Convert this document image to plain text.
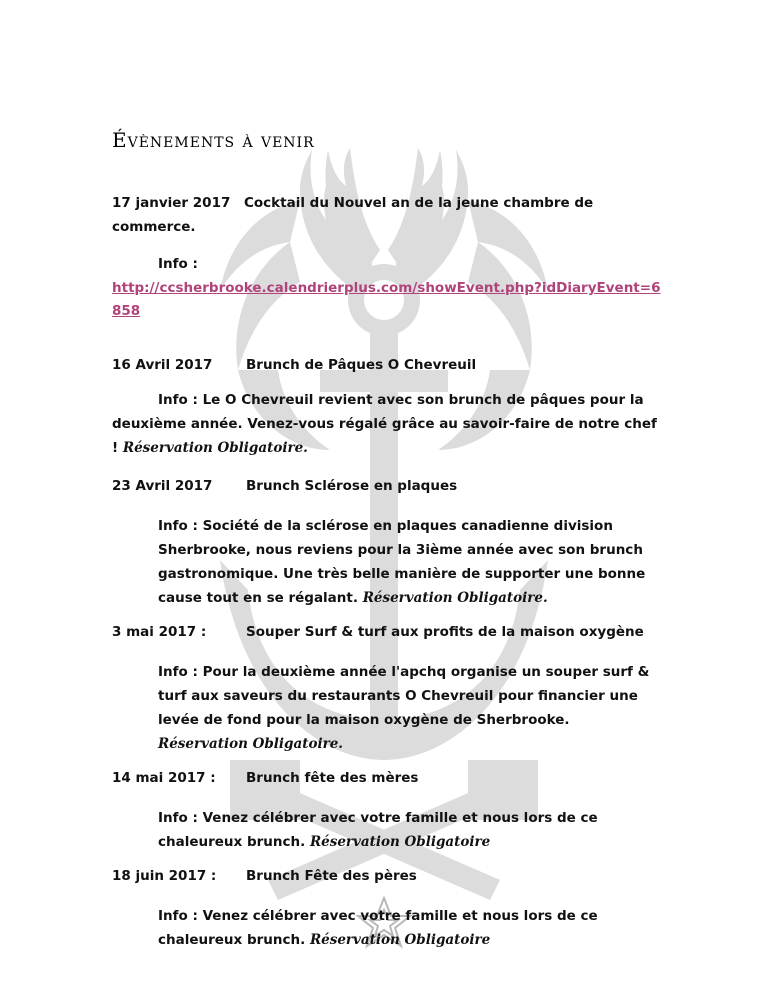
Évènements à venir
17 janvier 2017 Cocktail du Nouvel an de la jeune chambre de
commerce.
Info :
http://ccsherbrooke.calendrierplus.com/showEvent.php?idDiaryEvent=6
858
16 Avril 2017 Brunch de Pâques O Chevreuil
Info : Le O Chevreuil revient avec son brunch de pâques pour la
deuxième année. Venez-vous régalé grâce au savoir-faire de notre chef
! Réservation Obligatoire.
23 Avril 2017 Brunch Sclérose en plaques
Info : Société de la sclérose en plaques canadienne division
Sherbrooke, nous reviens pour la 3ième année avec son brunch
gastronomique. Une très belle manière de supporter une bonne
cause tout en se régalant. Réservation Obligatoire.
3 mai 2017 :	Souper Surf & turf aux profits de la maison oxygène
Info : Pour la deuxième année l'apchq organise un souper surf &
turf aux saveurs du restaurants O Chevreuil pour financier une
levée de fond pour la maison oxygène de Sherbrooke.
Réservation Obligatoire.
14 mai 2017 : Brunch fête des mères
Info : Venez célébrer avec votre famille et nous lors de ce
chaleureux brunch. Réservation Obligatoire
18 juin 2017 : Brunch Fête des pères
Info : Venez célébrer avec votre famille et nous lors de ce
chaleureux brunch. Réservation Obligatoire
